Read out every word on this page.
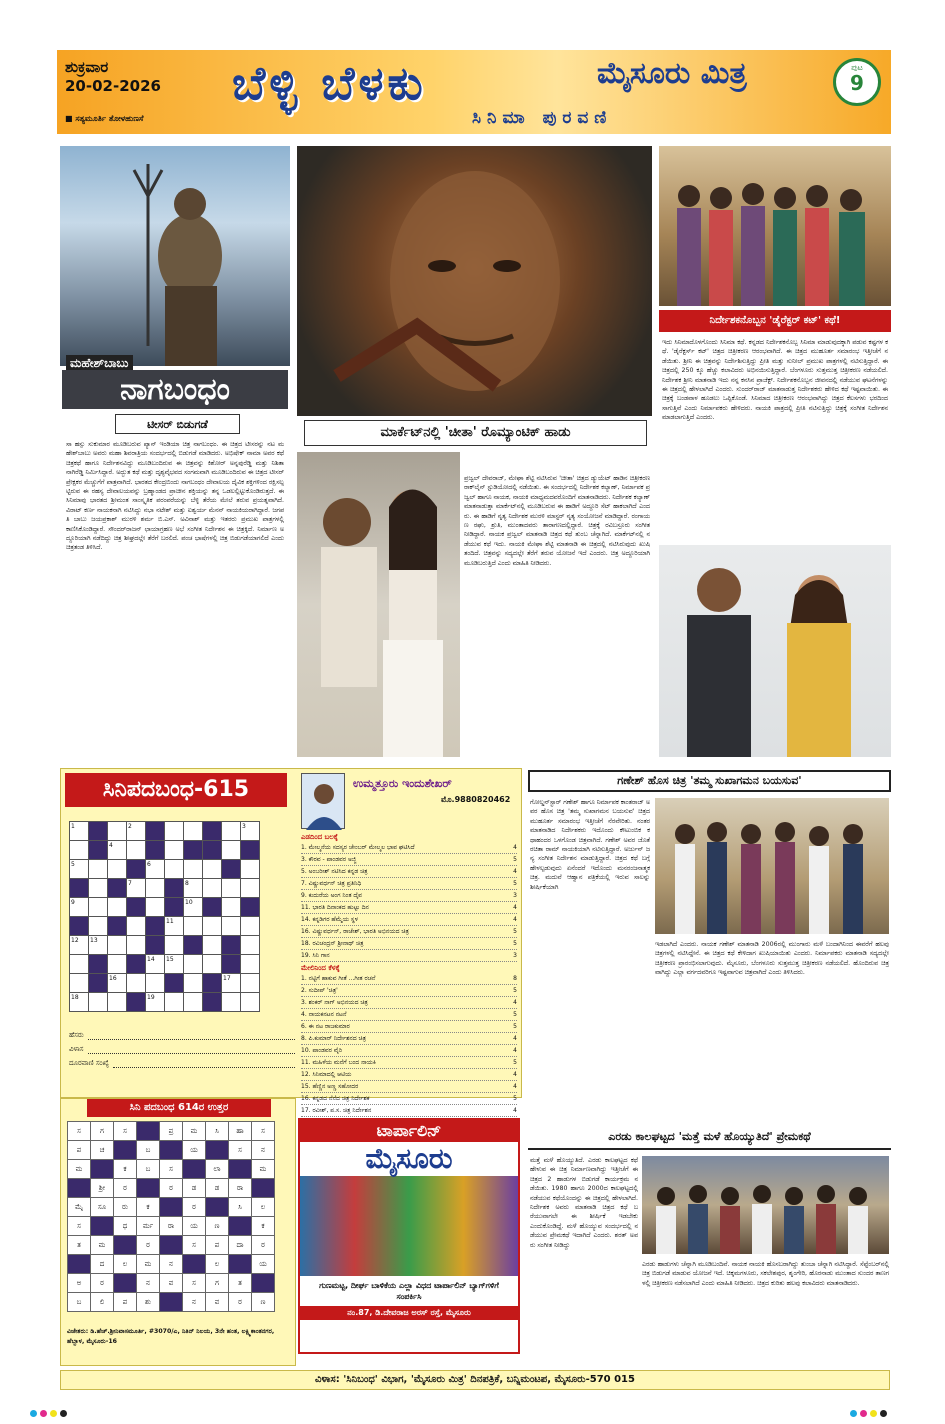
ಶುಕ್ರವಾರ
20-02-2026
■ ಸತ್ಯಮೂರ್ತಿ ತೋಳಹುಣಸೆ
ಬೆಳ್ಳಿ ಬೆಳಕು
ಸಿನಿಮಾ ಪುರವಣಿ
ಮೈಸೂರು ಮಿತ್ರ	ಪುಟ
9
ಮಹೇಶ್‌ಬಾಬು
ನಾಗಬಂಧಂ
ಟೀಸರ್ ಬಿಡುಗಡೆ
ಸಾ ಹಸ್ಸು ಸುಕುಮಾರ ಮೂಡಿಬರುವ ಪ್ಯಾನ್ ಇಂಡಿಯಾ ಚಿತ್ರ ನಾಗಬಂಧಂ. ಈ ಚಿತ್ರದ ಟೀಸರನ್ನು ನಟ ಮಹೇಶ್‌ಬಾಬು ಅವರು ಮಹಾ ಶಿವರಾತ್ರಿಯ ಸಂದರ್ಭದಲ್ಲಿ ಬಿಡುಗಡೆ ಮಾಡಿದರು. ಅಭಿಷೇಕ್ ನಾಮಾ ಅವರ ಕಥೆ ಚಿತ್ರಕಥೆ ಹಾಗೂ ನಿರ್ದೇಶನವಿದ್ದು ಮೂಡಿಬಂದಿರುವ ಈ ಚಿತ್ರವನ್ನು ಕಿಶೋರ್ ಅನ್ನಪುರೆಡ್ಡಿ ಮತ್ತು ನಿಶಿತಾ ನಾಗಿರೆಡ್ಡಿ ನಿರ್ಮಿಸಿದ್ದಾರೆ. ಅದ್ಭುತ ಕಥೆ ಮತ್ತು ದೃಶ್ಯವೈಭವದ ಸಂಗಮವಾಗಿ ಮೂಡಿಬಂದಿರುವ ಈ ಚಿತ್ರದ ಟೀಸರ್ ಪ್ರೇಕ್ಷಕರ ಮೆಚ್ಚುಗೆಗೆ ಪಾತ್ರವಾಗಿದೆ. ಭಾರತದ ಕೇಂದ್ರಬಿಂದು ನಾಗಬಂಧಂ ದೇವಾಲಯ ದೈವಿಕ ಶಕ್ತಿಗಳಿಂದ ರಕ್ಷಿಸಲ್ಪಟ್ಟಿರುವ ಈ ರಹಸ್ಯ ದೇವಾಲಯವನ್ನು ಬ್ರಹ್ಮಾಂಡದ ಪ್ರಾಚೀನ ಶಕ್ತಿಯನ್ನು ತನ್ನ ಒಡಲಲ್ಲಿಟ್ಟುಕೊಂಡಿರುತ್ತದೆ. ಈ ಸಿನಿಮಾವು ಭಾರತದ ಶ್ರೀಮಂತ ಸಾಂಸ್ಕೃತಿಕ ಪರಂಪರೆಯನ್ನು ಬೆಳ್ಳಿ ತೆರೆಯ ಮೇಲೆ ತರುವ ಪ್ರಯತ್ನವಾಗಿದೆ. ವಿರಾಟ್ ಕರ್ಣ ನಾಯಕನಾಗಿ ನಟಿಸಿದ್ದು ನಭಾ ನಟೇಶ್ ಮತ್ತು ಐಶ್ವರ್ಯ ಮೆನನ್ ನಾಯಕಿಯರಾಗಿದ್ದಾರೆ. ಜಗಪತಿ ಬಾಬು ಜಯಪ್ರಕಾಶ್ ಮುರಳಿ ಶರ್ಮ ಬಿ.ಎಸ್. ಅವಿನಾಶ್ ಮತ್ತು ಇತರರು ಪ್ರಮುಖ ಪಾತ್ರಗಳಲ್ಲಿ ಕಾಣಿಸಿಕೊಂಡಿದ್ದಾರೆ. ಸೌಂದರ್‌ರಾಜನ್ ಛಾಯಾಗ್ರಹಣ ಅಭೆ ಸಂಗೀತ ನಿರ್ದೇಶನ ಈ ಚಿತ್ರಕ್ಕಿದೆ. ನಿರ್ಮಾಣ ಅದ್ದೂರಿಯಾಗಿ ನಡೆದಿದ್ದು ಚಿತ್ರ ಶೀಘ್ರದಲ್ಲೇ ತೆರೆಗೆ ಬರಲಿದೆ. ಪಂಚ ಭಾಷೆಗಳಲ್ಲಿ ಚಿತ್ರ ಬಿಡುಗಡೆಯಾಗಲಿದೆ ಎಂದು ಚಿತ್ರತಂಡ ತಿಳಿಸಿದೆ.
ಮಾರ್ಕೆಟ್‌ನಲ್ಲಿ 'ಚೀತಾ' ರೊಮ್ಯಾಂಟಿಕ್ ಹಾಡು
ಪ್ರಜ್ವಲ್ ದೇವರಾಜ್, ಮೇಘಾ ಶೆಟ್ಟಿ ನಟಿಸಿರುವ 'ಚೀತಾ' ಚಿತ್ರದ ಡ್ಯುಯೆಟ್ ಹಾಡಿನ ಚಿತ್ರೀಕರಣ ರಾಕ್‌ಲೈನ್ ಸ್ಟುಡಿಯೋದಲ್ಲಿ ನಡೆಯಿತು. ಈ ಸಂದರ್ಭದಲ್ಲಿ ನಿರ್ದೇಶಕ ಕಲ್ಯಾಣ್, ನಿರ್ಮಾಪಕ ಪ್ರಜ್ವಲ್ ಹಾಗೂ ನಾಯಕ, ನಾಯಕಿ ಮಾಧ್ಯಮದವರೊಂದಿಗೆ ಮಾತನಾಡಿದರು. ನಿರ್ದೇಶಕ ಕಲ್ಯಾಣ್ ಮಾತನಾಡುತ್ತಾ ಮಾರ್ಕೆಟ್‌ನಲ್ಲಿ ಮೂಡಿಬರುವ ಈ ಹಾಡಿಗೆ ಅದ್ದೂರಿ ಸೆಟ್ ಹಾಕಲಾಗಿದೆ ಎಂದರು. ಈ ಹಾಡಿಗೆ ನೃತ್ಯ ನಿರ್ದೇಶಕ ಮುರಳಿ ಮಾಸ್ಟರ್ ನೃತ್ಯ ಸಂಯೋಜನೆ ಮಾಡಿದ್ದಾರೆ. ರಂಗಾಯಣ ರಘು, ಶ್ರುತಿ, ಮುಂತಾದವರು ತಾರಾಗಣದಲ್ಲಿದ್ದಾರೆ. ಚಿತ್ರಕ್ಕೆ ರವಿಬಸ್ರೂರು ಸಂಗೀತ ನೀಡಿದ್ದಾರೆ. ನಾಯಕ ಪ್ರಜ್ವಲ್ ಮಾತನಾಡಿ ಚಿತ್ರದ ಕಥೆ ತುಂಬ ಚೆನ್ನಾಗಿದೆ. ಮಾರ್ಕೆಟ್‌ನಲ್ಲಿ ನಡೆಯುವ ಕಥೆ ಇದು. ನಾಯಕಿ ಮೇಘಾ ಶೆಟ್ಟಿ ಮಾತನಾಡಿ ಈ ಚಿತ್ರದಲ್ಲಿ ನಟಿಸಿರುವುದು ಖುಷಿ ತಂದಿದೆ. ಚಿತ್ರವನ್ನು ಸದ್ಯದಲ್ಲೇ ತೆರೆಗೆ ತರುವ ಯೋಜನೆ ಇದೆ ಎಂದರು. ಚಿತ್ರ ಅದ್ದೂರಿಯಾಗಿ ಮೂಡಿಬರುತ್ತಿದೆ ಎಂದು ಮಾಹಿತಿ ನೀಡಿದರು.
ನಿರ್ದೇಶಕನೊಬ್ಬನ 'ಡೈರೆಕ್ಟರ್ ಕಟ್' ಕಥೆ!
ಇದು ಸಿನಿಮಾದೊಳಗೊಂದು ಸಿನಿಮಾ ಕಥೆ. ಕನ್ನಡದ ನಿರ್ದೇಶಕನೊಬ್ಬ ಸಿನಿಮಾ ಮಾಡುವುದಕ್ಕಾಗಿ ಪಡುವ ಕಷ್ಟಗಳ ಕಥೆ. 'ಡೈರೆಕ್ಟರ್ಸ್ ಕಟ್' ಚಿತ್ರದ ಚಿತ್ರೀಕರಣ ಆರಂಭವಾಗಿದೆ. ಈ ಚಿತ್ರದ ಮುಹೂರ್ತ ಸಮಾರಂಭ ಇತ್ತೀಚೆಗೆ ನಡೆಯಿತು. ಶ್ರೀನಿ ಈ ಚಿತ್ರವನ್ನು ನಿರ್ದೇಶಿಸುತ್ತಿದ್ದು ಪ್ರೀತಿ ಮತ್ತು ಸುನೀಲ್ ಪ್ರಮುಖ ಪಾತ್ರಗಳಲ್ಲಿ ನಟಿಸುತ್ತಿದ್ದಾರೆ. ಈ ಚಿತ್ರದಲ್ಲಿ 250 ಕ್ಕೂ ಹೆಚ್ಚು ಕಲಾವಿದರು ಅಭಿನಯಿಸುತ್ತಿದ್ದಾರೆ. ಬೆಂಗಳೂರು ಸುತ್ತಮುತ್ತ ಚಿತ್ರೀಕರಣ ನಡೆಯಲಿದೆ. ನಿರ್ದೇಶಕ ಶ್ರೀನಿ ಮಾತನಾಡಿ ಇದು ನನ್ನ ಕನಸಿನ ಪ್ರಾಜೆಕ್ಟ್. ನಿರ್ದೇಶಕನೊಬ್ಬನ ಜೀವನದಲ್ಲಿ ನಡೆಯುವ ಘಟನೆಗಳನ್ನು ಈ ಚಿತ್ರದಲ್ಲಿ ಹೇಳಲಾಗಿದೆ ಎಂದರು. ಸುಂದರ್‌ರಾಜ್ ಮಾತನಾಡುತ್ತ ನಿರ್ದೇಶಕರು ಹೇಳಿದ ಕಥೆ ಇಷ್ಟವಾಯಿತು. ಈ ಚಿತ್ರಕ್ಕೆ ಬಂಡವಾಳ ಹೂಡಲು ಒಪ್ಪಿಕೊಂಡೆ. ಸಿನಿಮಾದ ಚಿತ್ರೀಕರಣ ಆರಂಭವಾಗಿದ್ದು ಚಿತ್ರದ ಕೆಲಸಗಳು ಭರದಿಂದ ಸಾಗುತ್ತಿವೆ ಎಂದು ನಿರ್ಮಾಪಕರು ಹೇಳಿದರು. ನಾಯಕಿ ಪಾತ್ರದಲ್ಲಿ ಪ್ರೀತಿ ನಟಿಸುತ್ತಿದ್ದು ಚಿತ್ರಕ್ಕೆ ಸಂಗೀತ ನಿರ್ದೇಶನ ಮಾಡಲಾಗುತ್ತಿದೆ ಎಂದರು.
ಸಿನಿಪದಬಂಧ-615	ಉಮ್ಮತ್ತೂರು ಇಂದುಶೇಖರ್
ಮೊ.9880820462
1			2						3
		4							
5				6					
			7			8			
9						10			
					11				
12	13								
				14	15				
		16						17	
18				19					
ಹೆಸರು
ವಿಳಾಸ
ದೂರವಾಣಿ ಸಂಖ್ಯೆ
ಎಡದಿಂದ ಬಲಕ್ಕೆ
1. ಮೇಲ್ಮನೆಯ ಸದಸ್ಯರ ಚೇಂಬರ್ ಮೇಲ್ಮಲ ಭಾವ ಘಟಿಸಿದೆ	4
3. ಕೌರವ - ಪಾಂಡವರ ಅಜ್ಜಿ	5
5. ಅಂಬರೀಶ್ ನಟಿಸಿದ ಕನ್ನಡ ಚಿತ್ರ	4
7. ವಿಷ್ಣುವರ್ಧನ್ ಚಿತ್ರ ಪ್ರತಿನಿಧಿ	5
9. ಕುದುರೆಯ ಅಂಗ ನಿಂತ ದೈವ	3
11. ಭಾರತಿ ದಿನಾಂಕದ ಹುಟ್ಟು ದಿನ	4
14. ಕನ್ನಡಿಗರ ಹೆಮ್ಮೆಯ ಸ್ಥಳ	4
16. ವಿಷ್ಣುವರ್ಧನ್, ರಾಜೇಶ್, ಭಾರತಿ ಅಭಿನಯದ ಚಿತ್ರ	5
18. ರವಿಚಂದ್ರನ್ ಶ್ರೀನಾಥ್ ಚಿತ್ರ	5
19. ಸಿನಿ ಗಾನ	3
ಮೇಲಿನಿಂದ ಕೆಳಕ್ಕೆ
1. ನಟ್ಟಿಗೆ ಹಾಕುವ ಗೀತೆ ...ಗೀತ ರಚನೆ	8
2. ಸುದೀಪ್ 'ಚಿತ್ರ'	5
3. ಶಂಕರ್ ನಾಗ್ ಅಭಿನಯದ ಚಿತ್ರ	4
4. ನಾಯಕನಟನ ನಟನೆ	5
6. ಈ ನಟ ರಾಜಕುಮಾರ	5
8. ಪಿ.ಕುಮಾರ್ ನಿರ್ದೇಶನದ ಚಿತ್ರ	4
10. ಪಾಂಡವರ ವೈರಿ	4
11. ಮಹಿಳೆಯ ಮನೆಗೆ ಬಂದ ನಾಯಕಿ	5
12. ಸಿನಿಮಾದಲ್ಲಿ ಆಟಿಯ	4
15. ಹೆಣ್ಣಿನ ಅಣ್ಣ ಸಹೋದರ	4
16. ಕನ್ನಡದ ನೆನೆದ ಚಿತ್ರ ನಿರ್ದೇಶಕ	5
17. ರವೀಶ್, ಪ.ಸ. ಚಿತ್ರ ನಿರ್ದೇಶನ	4
ಸಿನಿ ಪದಬಂಧ 614ರ ಉತ್ತರ
ಸ	ಗ	ಸ		ಪ್ರ	ಮ	ಸಿ	ಹಾ	ಸ
ಪ	ಚ		ಬ		ಯ		ಸ	ನ
ಮ		ಕ	ಬ	ಸ		ಲಾ		ಮ
	ಶ್ರೀ	ರ		ರ	ಡ	ಡ	ರಾ	
ಮೈ	ಸೂ	ರು	ಕ		ರ		ಸಿ	ಲ
ಸ		ಧ	ರ್ಮ	ರಾ	ಯ	ಣ		ಕ
ತ	ಮ		ರ		ಸ	ಪ	ದಾ	ರ
	ದ	ಲ	ಮ	ನ		ಲ		ಯ
ಅ	ರ		ನ	ವ	ಸ	ಗ	ತ	
ಬ	ಲಿ	ಪ	ಶು		ನ	ವ	ರ	ಣ
ವಿಜೇತರು: ಡಿ.ಹೆಚ್.ಶ್ರೀನಿವಾಸಮೂರ್ತಿ, #3070/ಎ, ನಿತಿನ್ ನಿಲಯ, 3ನೇ ಹಂತ, ಲಕ್ಷ್ಮಿಕಾಂತನಗರ, ಹೆಬ್ಬಾಳ, ಮೈಸೂರು-16
ಟಾರ್ಪಾಲಿನ್
ಮೈಸೂರು
ಗುಣಮಟ್ಟ, ದೀರ್ಘ ಬಾಳಿಕೆಯ ಎಲ್ಲಾ ವಿಧದ ಟಾರ್ಪಾಲಿನ್ ಬ್ಯಾಗ್‌ಗಳಿಗೆ ಸಂಪರ್ಕಿಸಿ
ನಂ.87, ಡಿ.ದೇವರಾಜ ಅರಸ್ ರಸ್ತೆ, ಮೈಸೂರು
ಗಣೇಶ್ ಹೊಸ ಚಿತ್ರ 'ತಮ್ಮ ಸುಖಾಗಮನ ಬಯಸುವ'
ಗೋಲ್ಡನ್‌ಸ್ಟಾರ್ ಗಣೇಶ್ ಹಾಗೂ ನಿರ್ಮಾಪಕ ಕಾಂತರಾಜ್ ಅವರ ಹೊಸ ಚಿತ್ರ 'ತಮ್ಮ ಸುಖಾಗಮನ ಬಯಸುವ' ಚಿತ್ರದ ಮುಹೂರ್ತ ಸಮಾರಂಭ ಇತ್ತೀಚೆಗೆ ನೆರವೇರಿತು. ನಂತರ ಮಾತನಾಡಿದ ನಿರ್ದೇಶಕರು ಇದೊಂದು ಕೌಟುಂಬಿಕ ಕಥಾಹಂದರ ಒಳಗೊಂಡ ಚಿತ್ರವಾಗಿದೆ. ಗಣೇಶ್ ಅವರ ಜೊತೆ ರಚಿತಾ ರಾಮ್ ನಾಯಕಿಯಾಗಿ ನಟಿಸುತ್ತಿದ್ದಾರೆ. ಅರ್ಜುನ್ ಜನ್ಯ ಸಂಗೀತ ನಿರ್ದೇಶನ ಮಾಡುತ್ತಿದ್ದಾರೆ. ಚಿತ್ರದ ಕಥೆ ಬಗ್ಗೆ ಹೇಳಲ್ಪಡುವುದು ಏನೆಂದರೆ ಇದೊಂದು ಮನರಂಜನಾತ್ಮಕ ಚಿತ್ರ. ಮದುವೆ ಆಹ್ವಾನ ಪತ್ರಿಕೆಯಲ್ಲಿ ಇರುವ ಸಾಲನ್ನು ಶೀರ್ಷಿಕೆಯಾಗಿ
ಇಡಲಾಗಿದೆ ಎಂದರು. ನಾಯಕ ಗಣೇಶ್ ಮಾತನಾಡಿ 2006ರಲ್ಲಿ ಮುಂಗಾರು ಮಳೆ ಬಂದಾಗಿನಿಂದ ಈವರೆಗೆ ಹಲವು ಚಿತ್ರಗಳಲ್ಲಿ ನಟಿಸಿದ್ದೇನೆ. ಈ ಚಿತ್ರದ ಕಥೆ ಕೇಳಿದಾಗ ಖುಷಿಯಾಯಿತು ಎಂದರು. ನಿರ್ಮಾಪಕರು ಮಾತನಾಡಿ ಸದ್ಯದಲ್ಲೇ ಚಿತ್ರೀಕರಣ ಪ್ರಾರಂಭಿಸಲಾಗುವುದು. ಮೈಸೂರು, ಬೆಂಗಳೂರು ಸುತ್ತಮುತ್ತ ಚಿತ್ರೀಕರಣ ನಡೆಯಲಿದೆ. ಹೊಂದಿರುವ ಚಿತ್ರವಾಗಿದ್ದು ಎಲ್ಲಾ ವರ್ಗದವರಿಗೂ ಇಷ್ಟವಾಗುವ ಚಿತ್ರವಾಗಿದೆ ಎಂದು ತಿಳಿಸಿದರು.
ಎರಡು ಕಾಲಘಟ್ಟದ 'ಮತ್ತೆ ಮಳೆ ಹೊಯ್ಯುತಿದೆ' ಪ್ರೇಮಕಥೆ
ಮತ್ತೆ ಮಳೆ ಹೊಯ್ಯುತಿದೆ. ಎರಡು ಕಾಲಘಟ್ಟದ ಕಥೆ ಹೇಳುವ ಈ ಚಿತ್ರ ನಿರ್ಮಾಣವಾಗಿದ್ದು ಇತ್ತೀಚೆಗೆ ಈ ಚಿತ್ರದ 2 ಹಾಡುಗಳ ಬಿಡುಗಡೆ ಕಾರ್ಯಕ್ರಮ ನಡೆಯಿತು. 1980 ಹಾಗೂ 2000ದ ಕಾಲಘಟ್ಟದಲ್ಲಿ ನಡೆಯುವ ಕಥೆಯೊಂದನ್ನು ಈ ಚಿತ್ರದಲ್ಲಿ ಹೇಳಲಾಗಿದೆ. ನಿರ್ದೇಶಕ ಅವರು ಮಾತನಾಡಿ ಚಿತ್ರದ ಕಥೆ ಬರೆಯುವಾಗಲೇ ಈ ಶೀರ್ಷಿಕೆ ಇಡಬೇಕು ಎಂದುಕೊಂಡಿದ್ದೆ. ಮಳೆ ಹೊಯ್ಯುವ ಸಂದರ್ಭದಲ್ಲಿ ನಡೆಯುವ ಪ್ರೇಮಕಥೆ ಇದಾಗಿದೆ ಎಂದರು. ಶರತ್ ಅವರು ಸಂಗೀತ ನೀಡಿದ್ದು
ಎರಡು ಹಾಡುಗಳು ಚೆನ್ನಾಗಿ ಮೂಡಿಬಂದಿವೆ. ನಾಯಕ ನಾಯಕಿ ಹೊಸಬರಾಗಿದ್ದು ತುಂಬಾ ಚೆನ್ನಾಗಿ ನಟಿಸಿದ್ದಾರೆ. ಸೆಪ್ಟೆಂಬರ್‌ನಲ್ಲಿ ಚಿತ್ರ ಬಿಡುಗಡೆ ಮಾಡುವ ಯೋಜನೆ ಇದೆ. ಚಿಕ್ಕಮಗಳೂರು, ಸಕಲೇಶಪುರ, ಶೃಂಗೇರಿ, ಹೊರನಾಡು ಮುಂತಾದ ಸುಂದರ ತಾಣಗಳಲ್ಲಿ ಚಿತ್ರೀಕರಣ ನಡೆಸಲಾಗಿದೆ ಎಂದು ಮಾಹಿತಿ ನೀಡಿದರು. ಚಿತ್ರದ ಕುರಿತು ಹಲವು ಕಲಾವಿದರು ಮಾತನಾಡಿದರು.
ವಿಳಾಸ: 'ಸಿನಿಬಂಧ' ವಿಭಾಗ, 'ಮೈಸೂರು ಮಿತ್ರ' ದಿನಪತ್ರಿಕೆ, ಬನ್ನಿಮಂಟಪ, ಮೈಸೂರು-570 015
